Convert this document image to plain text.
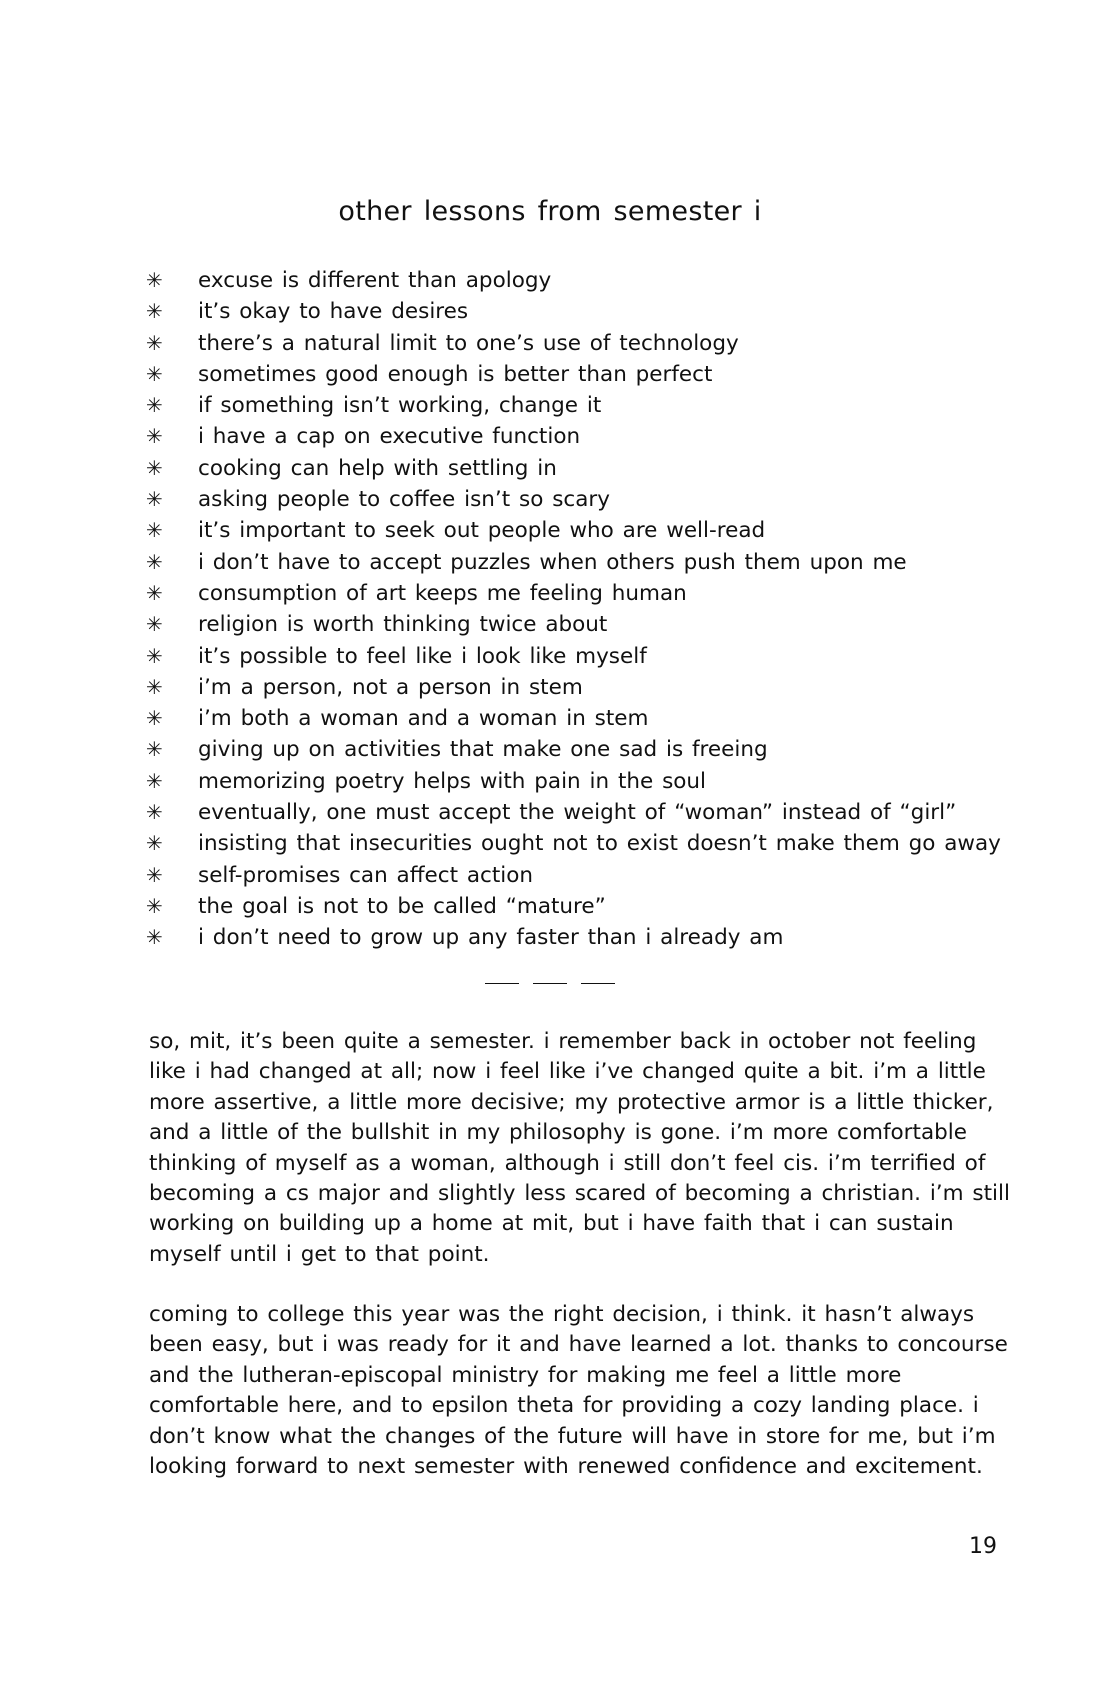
other lessons from semester i
✳	excuse is different than apology
✳	it’s okay to have desires
✳	there’s a natural limit to one’s use of technology
✳	sometimes good enough is better than perfect
✳	if something isn’t working, change it
✳	i have a cap on executive function
✳	cooking can help with settling in
✳	asking people to coffee isn’t so scary
✳	it’s important to seek out people who are well-read
✳	i don’t have to accept puzzles when others push them upon me
✳	consumption of art keeps me feeling human
✳	religion is worth thinking twice about
✳	it’s possible to feel like i look like myself
✳	i’m a person, not a person in stem
✳	i’m both a woman and a woman in stem
✳	giving up on activities that make one sad is freeing
✳	memorizing poetry helps with pain in the soul
✳	eventually, one must accept the weight of “woman” instead of “girl”
✳	insisting that insecurities ought not to exist doesn’t make them go away
✳	self-promises can affect action
✳	the goal is not to be called “mature”
✳	i don’t need to grow up any faster than i already am

so, mit, it’s been quite a semester. i remember back in october not feeling like i had changed at all; now i feel like i’ve changed quite a bit. i’m a little more assertive, a little more decisive; my protective armor is a little thicker, and a little of the bullshit in my philosophy is gone. i’m more comfortable thinking of myself as a woman, although i still don’t feel cis. i’m terrified of becoming a cs major and slightly less scared of becoming a christian. i’m still working on building up a home at mit, but i have faith that i can sustain myself until i get to that point.

coming to college this year was the right decision, i think. it hasn’t always been easy, but i was ready for it and have learned a lot. thanks to concourse and the lutheran-episcopal ministry for making me feel a little more comfortable here, and to epsilon theta for providing a cozy landing place. i don’t know what the changes of the future will have in store for me, but i’m looking forward to next semester with renewed confidence and excitement.

19
